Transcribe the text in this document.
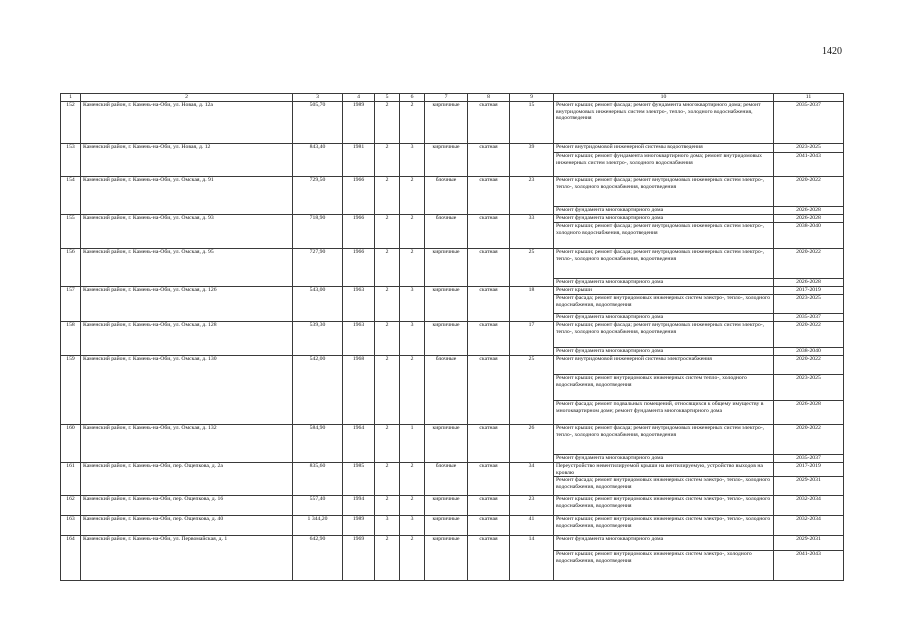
1420
1	2	3	4	5	6	7	8	9	10	11
152	Каменский район, г. Камень-на-Оби, ул. Новая, д. 12а	505,70	1989	2	2	кирпичные	скатная	15	Ремонт крыши; ремонт фасада; ремонт фундамента многоквартирного дома; ремонт внутридомовых инженерных систем электро-, тепло-, холодного водоснабжения, водоотведения	2035-2037
153	Каменский район, г. Камень-на-Оби, ул. Новая, д. 12	843,40	1981	2	3	кирпичные	скатная	39	Ремонт внутридомовой инженерной системы водоотведения	2023-2025
									Ремонт крыши; ремонт фундамента многоквартирного дома; ремонт внутридомовых инженерных систем электро-, холодного водоснабжения	2041-2043
154	Каменский район, г. Камень-на-Оби, ул. Омская, д. 91	729,50	1966	2	2	блочные	скатная	23	Ремонт крыши; ремонт фасада; ремонт внутридомовых инженерных систем электро-, тепло-, холодного водоснабжения, водоотведения	2020-2022
									Ремонт фундамента многоквартирного дома	2026-2028
155	Каменский район, г. Камень-на-Оби, ул. Омская, д. 93	718,90	1966	2	2	блочные	скатная	33	Ремонт фундамента многоквартирного дома	2026-2028
									Ремонт крыши; ремонт фасада; ремонт внутридомовых инженерных систем электро-, холодного водоснабжения, водоотведения	2038-2040
156	Каменский район, г. Камень-на-Оби, ул. Омская, д. 95	727,90	1966	2	2	кирпичные	скатная	25	Ремонт крыши; ремонт фасада; ремонт внутридомовых инженерных систем электро-, тепло-, холодного водоснабжения, водоотведения	2020-2022
									Ремонт фундамента многоквартирного дома	2026-2028
157	Каменский район, г. Камень-на-Оби, ул. Омская, д. 126	543,00	1963	2	3	кирпичные	скатная	18	Ремонт крыши	2017-2019
									Ремонт фасада; ремонт внутридомовых инженерных систем электро-, тепло-, холодного водоснабжения, водоотведения	2023-2025
									Ремонт фундамента многоквартирного дома	2035-2037
158	Каменский район, г. Камень-на-Оби, ул. Омская, д. 128	539,30	1963	2	3	кирпичные	скатная	17	Ремонт крыши; ремонт фасада; ремонт внутридомовых инженерных систем электро-, тепло-, холодного водоснабжения, водоотведения	2020-2022
									Ремонт фундамента многоквартирного дома	2038-2040
159	Каменский район, г. Камень-на-Оби, ул. Омская, д. 130	542,00	1968	2	2	блочные	скатная	25	Ремонт внутридомовой инженерной системы электроснабжения	2020-2022
									Ремонт крыши; ремонт внутридомовых инженерных систем тепло-, холодного водоснабжения, водоотведения	2023-2025
									Ремонт фасада; ремонт подвальных помещений, относящихся к общему имуществу в многоквартирном доме; ремонт фундамента многоквартирного дома	2026-2028
160	Каменский район, г. Камень-на-Оби, ул. Омская, д. 132	584,90	1964	2	1	кирпичные	скатная	26	Ремонт крыши; ремонт фасада; ремонт внутридомовых инженерных систем электро-, тепло-, холодного водоснабжения, водоотведения	2020-2022
									Ремонт фундамента многоквартирного дома	2035-2037
161	Каменский район, г. Камень-на-Оби, пер. Ощепкова, д. 2а	835,60	1985	2	2	блочные	скатная	34	Переустройство невентилируемой крыши на вентилируемую, устройство выходов на кровлю	2017-2019
									Ремонт фасада; ремонт внутридомовых инженерных систем электро-, тепло-, холодного водоснабжения, водоотведения	2029-2031
162	Каменский район, г. Камень-на-Оби, пер. Ощепкова, д. 16	557,40	1994	2	2	кирпичные	скатная	23	Ремонт крыши; ремонт внутридомовых инженерных систем электро-, тепло-, холодного водоснабжения, водоотведения	2032-2034
163	Каменский район, г. Камень-на-Оби, пер. Ощепкова, д. 40	1 344,20	1989	3	3	кирпичные	скатная	41	Ремонт крыши; ремонт внутридомовых инженерных систем электро-, тепло-, холодного водоснабжения, водоотведения	2032-2034
164	Каменский район, г. Камень-на-Оби, ул. Первомайская, д. 1	642,90	1969	2	2	кирпичные	скатная	14	Ремонт фундамента многоквартирного дома	2029-2031
									Ремонт крыши; ремонт внутридомовых инженерных систем электро-, холодного водоснабжения, водоотведения	2041-2043
